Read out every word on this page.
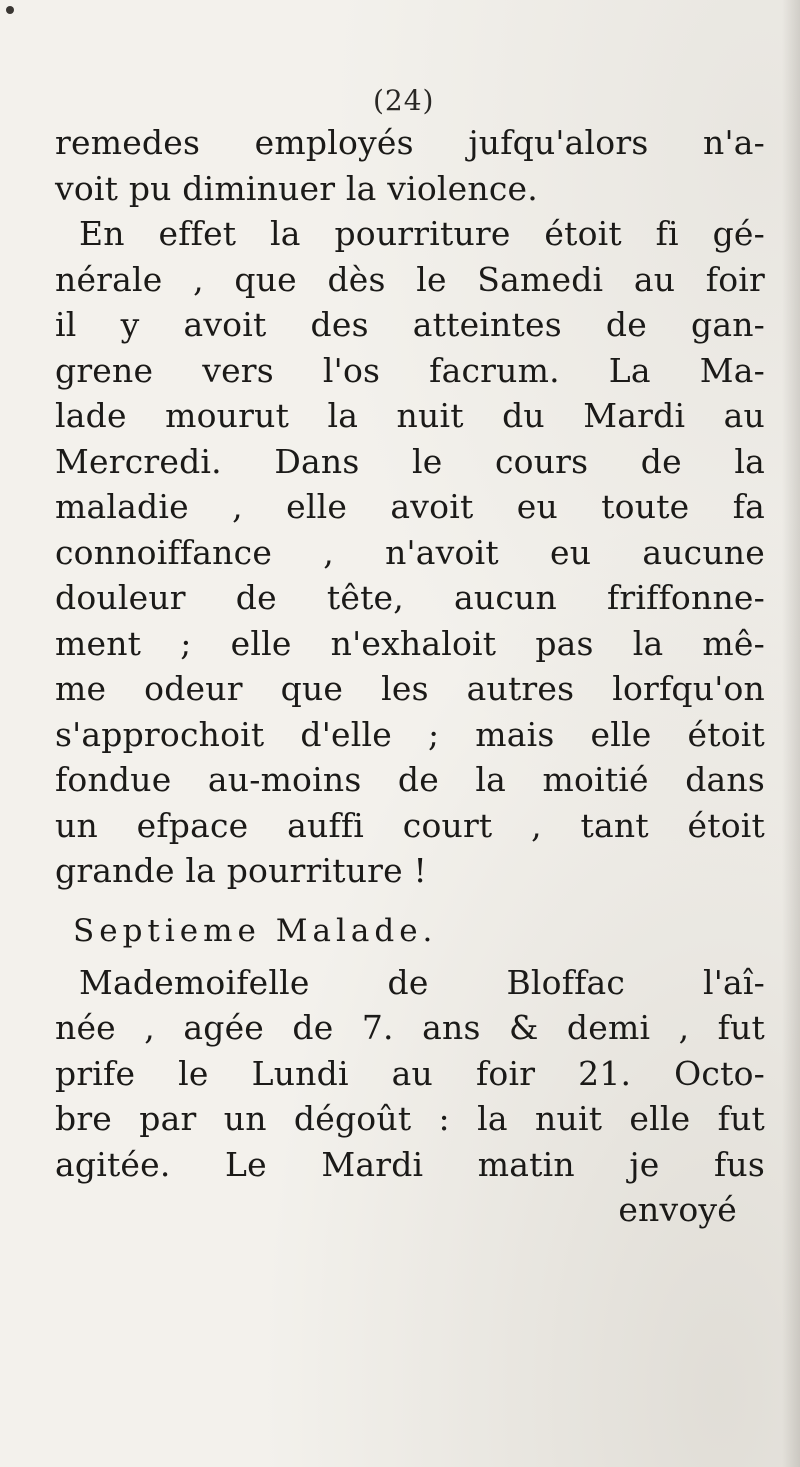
(24)
remedes employés jufqu'alors n'a-
voit pu diminuer la violence.
En effet la pourriture étoit fi gé-
nérale , que dès le Samedi au foir
il y avoit des atteintes de gan-
grene vers l'os facrum. La Ma-
lade mourut la nuit du Mardi au
Mercredi. Dans le cours de la
maladie , elle avoit eu toute fa
connoiffance , n'avoit eu aucune
douleur de tête, aucun friffonne-
ment ; elle n'exhaloit pas la mê-
me odeur que les autres lorfqu'on
s'approchoit d'elle ; mais elle étoit
fondue au-moins de la moitié dans
un efpace auffi court , tant étoit
grande la pourriture !
Septieme Malade.
Mademoifelle de Bloffac l'aî-
née , agée de 7. ans & demi , fut
prife le Lundi au foir 21. Octo-
bre par un dégoût : la nuit elle fut
agitée. Le Mardi matin je fus
envoyé
